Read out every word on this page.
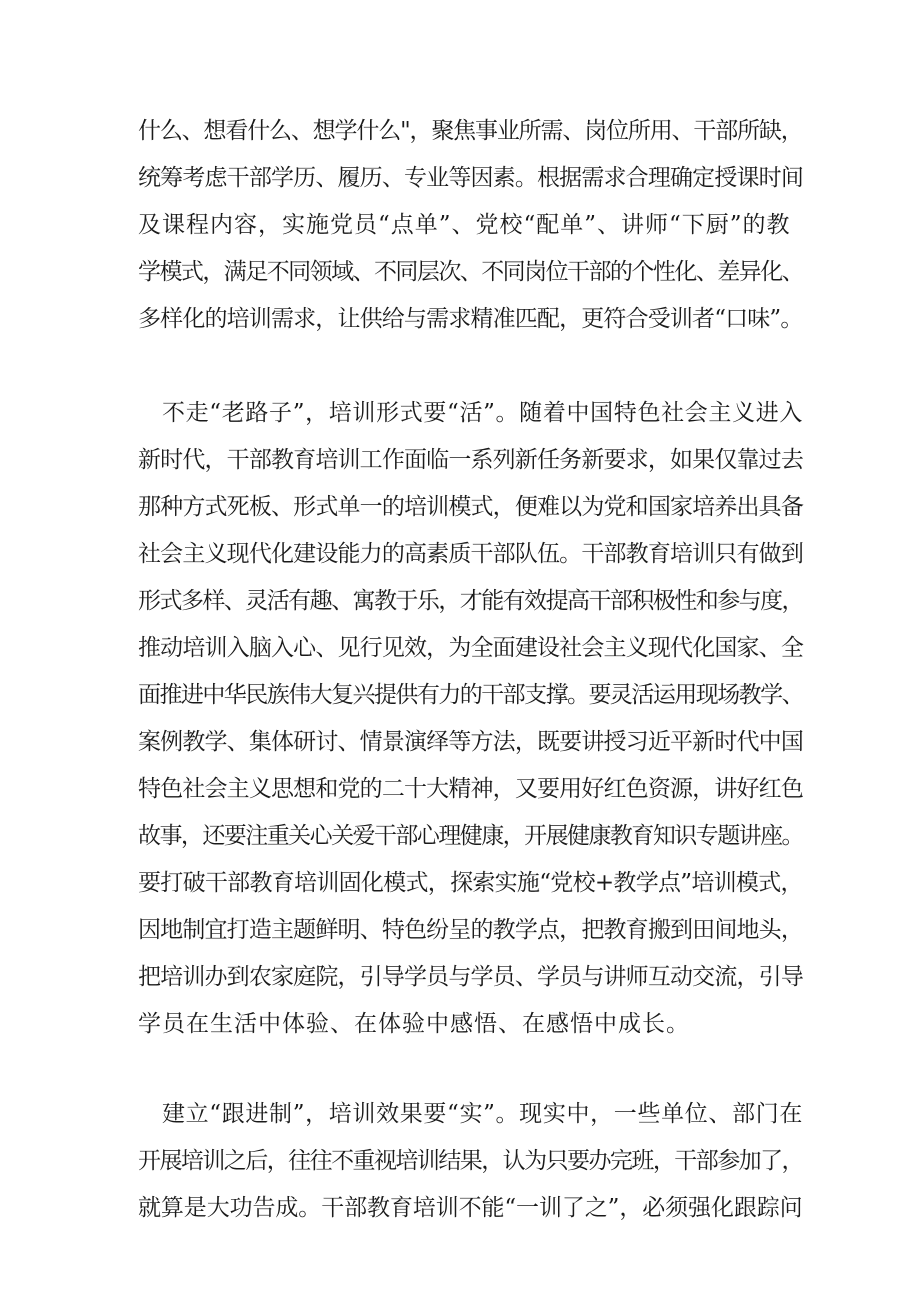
什么、想看什么、想学什么"，聚焦事业所需、岗位所用、干部所缺，
统筹考虑干部学历、履历、专业等因素。根据需求合理确定授课时间
及课程内容，实施党员“点单”、党校“配单”、讲师“下厨”的教
学模式，满足不同领域、不同层次、不同岗位干部的个性化、差异化、
多样化的培训需求，让供给与需求精准匹配，更符合受训者“口味”。
不走“老路子”，培训形式要“活”。随着中国特色社会主义进入
新时代，干部教育培训工作面临一系列新任务新要求，如果仅靠过去
那种方式死板、形式单一的培训模式，便难以为党和国家培养出具备
社会主义现代化建设能力的高素质干部队伍。干部教育培训只有做到
形式多样、灵活有趣、寓教于乐，才能有效提高干部积极性和参与度，
推动培训入脑入心、见行见效，为全面建设社会主义现代化国家、全
面推进中华民族伟大复兴提供有力的干部支撑。要灵活运用现场教学、
案例教学、集体研讨、情景演绎等方法，既要讲授习近平新时代中国
特色社会主义思想和党的二十大精神，又要用好红色资源，讲好红色
故事，还要注重关心关爱干部心理健康，开展健康教育知识专题讲座。
要打破干部教育培训固化模式，探索实施“党校+教学点”培训模式，
因地制宜打造主题鲜明、特色纷呈的教学点，把教育搬到田间地头，
把培训办到农家庭院，引导学员与学员、学员与讲师互动交流，引导
学员在生活中体验、在体验中感悟、在感悟中成长。
建立“跟进制”，培训效果要“实”。现实中，一些单位、部门在
开展培训之后，往往不重视培训结果，认为只要办完班，干部参加了，
就算是大功告成。干部教育培训不能“一训了之”，必须强化跟踪问
